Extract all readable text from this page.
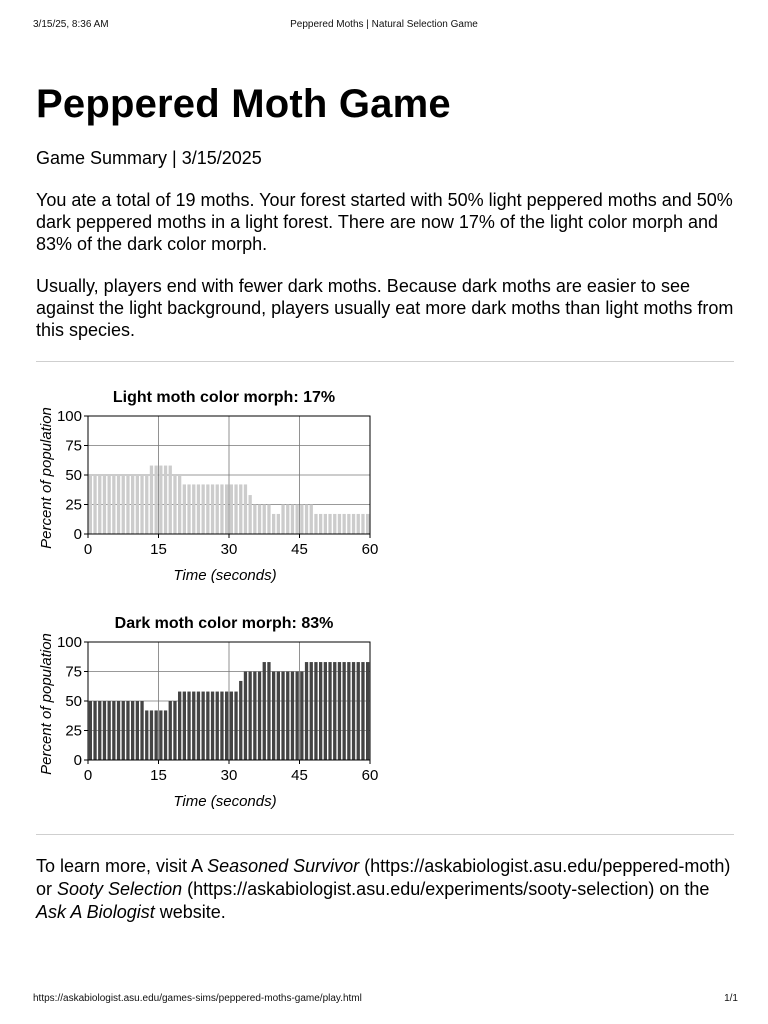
3/15/25, 8:36 AM	Peppered Moths | Natural Selection Game
Peppered Moth Game

Game Summary | 3/15/2025

You ate a total of 19 moths. Your forest started with 50% light peppered moths and 50% dark peppered moths in a light forest. There are now 17% of the light color morph and 83% of the dark color morph.

Usually, players end with fewer dark moths. Because dark moths are easier to see against the light background, players usually eat more dark moths than light moths from this species.

Light moth color morph: 17%
0
25
50
75
100
0	15	30	45	60
Time (seconds)
Percent of population
Dark moth color morph: 83%
0
25
50
75
100
0	15	30	45	60
Time (seconds)
Percent of population

To learn more, visit A Seasoned Survivor (https://askabiologist.asu.edu/peppered-moth) or Sooty Selection (https://askabiologist.asu.edu/experiments/sooty-selection) on the Ask A Biologist website.

https://askabiologist.asu.edu/games-sims/peppered-moths-game/play.html	1/1
